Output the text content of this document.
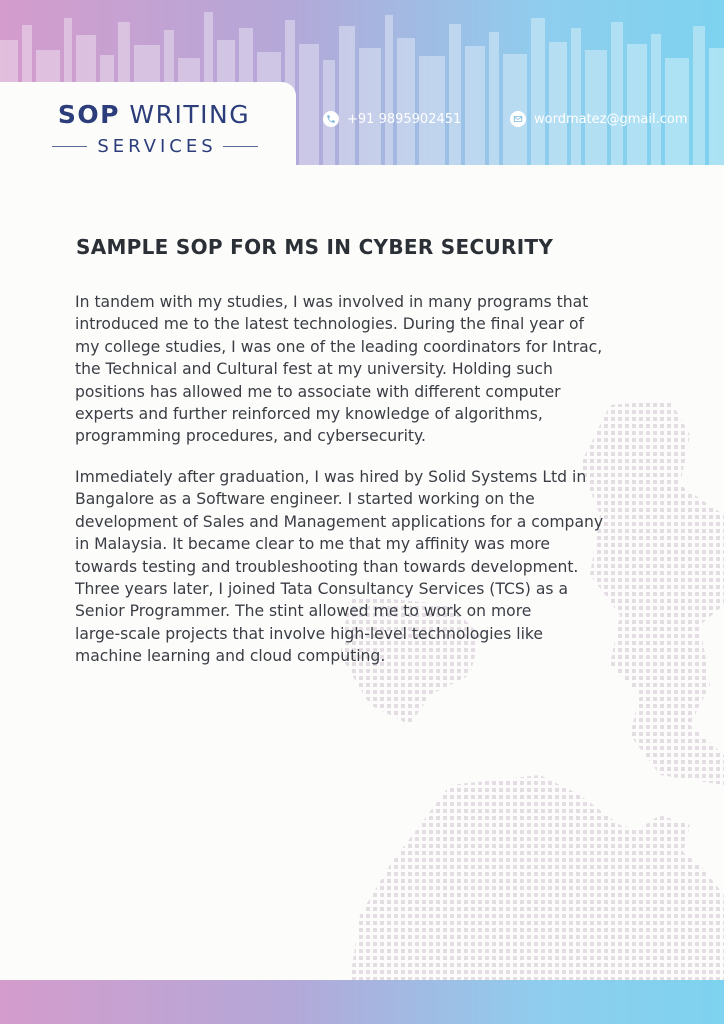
SOP WRITING
SERVICES
+91 9895902451	wordmatez@gmail.com
SAMPLE SOP FOR MS IN CYBER SECURITY

In tandem with my studies, I was involved in many programs that
introduced me to the latest technologies. During the final year of
my college studies, I was one of the leading coordinators for Intrac,
the Technical and Cultural fest at my university. Holding such
positions has allowed me to associate with different computer
experts and further reinforced my knowledge of algorithms,
programming procedures, and cybersecurity.

Immediately after graduation, I was hired by Solid Systems Ltd in
Bangalore as a Software engineer. I started working on the
development of Sales and Management applications for a company
in Malaysia. It became clear to me that my affinity was more
towards testing and troubleshooting than towards development.
Three years later, I joined Tata Consultancy Services (TCS) as a
Senior Programmer. The stint allowed me to work on more
large-scale projects that involve high-level technologies like
machine learning and cloud computing.
